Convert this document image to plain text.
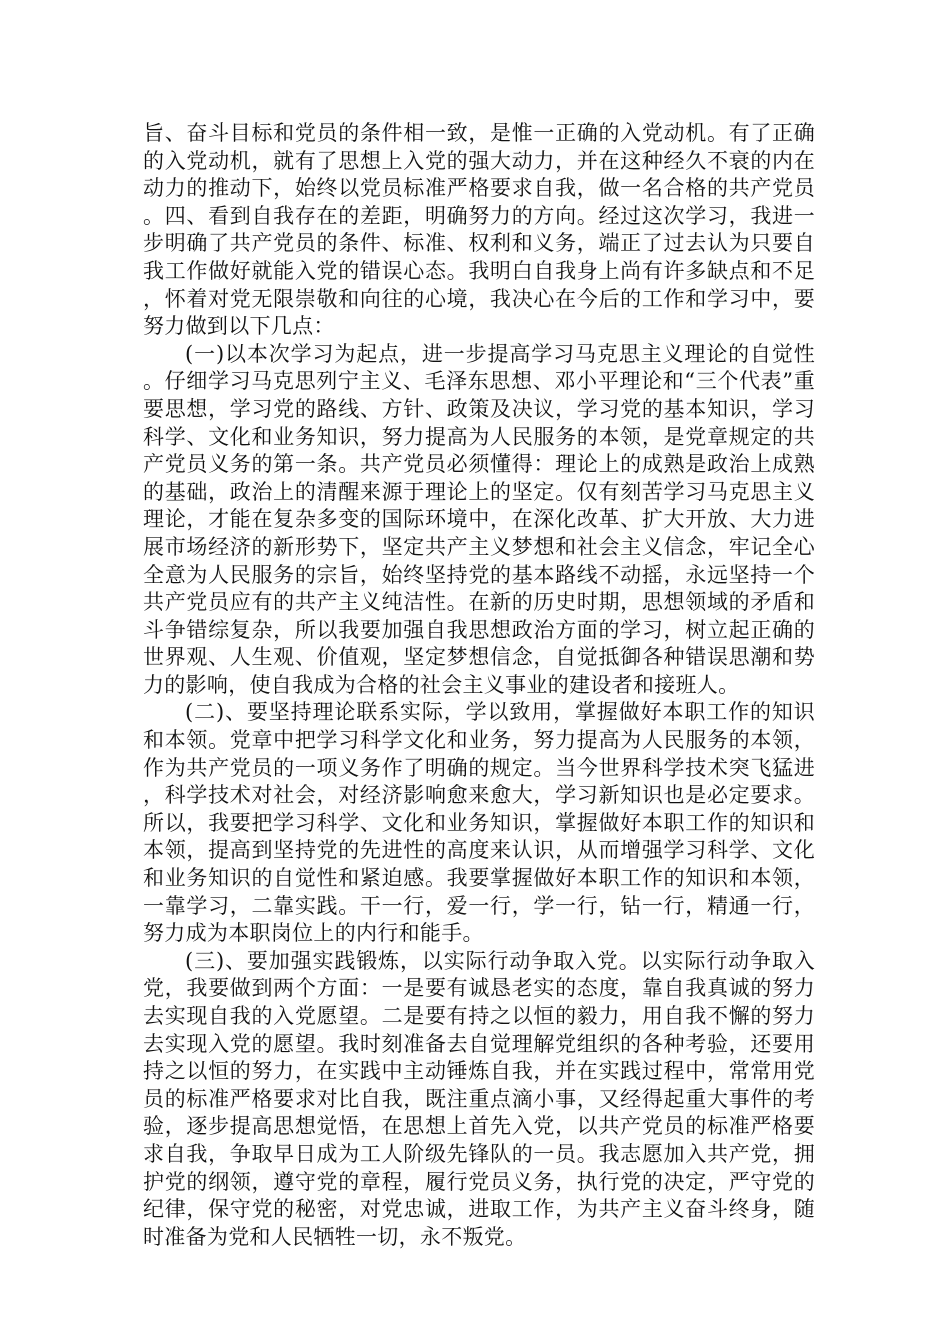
旨、奋斗目标和党员的条件相一致，是惟一正确的入党动机。有了正确的入党动机，就有了思想上入党的强大动力，并在这种经久不衰的内在动力的推动下，始终以党员标准严格要求自我，做一名合格的共产党员。四、看到自我存在的差距，明确努力的方向。经过这次学习，我进一步明确了共产党员的条件、标准、权利和义务，端正了过去认为只要自我工作做好就能入党的错误心态。我明白自我身上尚有许多缺点和不足，怀着对党无限崇敬和向往的心境，我决心在今后的工作和学习中，要努力做到以下几点：

(一)以本次学习为起点，进一步提高学习马克思主义理论的自觉性。仔细学习马克思列宁主义、毛泽东思想、邓小平理论和“三个代表”重要思想，学习党的路线、方针、政策及决议，学习党的基本知识，学习科学、文化和业务知识，努力提高为人民服务的本领，是党章规定的共产党员义务的第一条。共产党员必须懂得：理论上的成熟是政治上成熟的基础，政治上的清醒来源于理论上的坚定。仅有刻苦学习马克思主义理论，才能在复杂多变的国际环境中，在深化改革、扩大开放、大力进展市场经济的新形势下，坚定共产主义梦想和社会主义信念，牢记全心全意为人民服务的宗旨，始终坚持党的基本路线不动摇，永远坚持一个共产党员应有的共产主义纯洁性。在新的历史时期，思想领域的矛盾和斗争错综复杂，所以我要加强自我思想政治方面的学习，树立起正确的世界观、人生观、价值观，坚定梦想信念，自觉抵御各种错误思潮和势力的影响，使自我成为合格的社会主义事业的建设者和接班人。

(二)、要坚持理论联系实际，学以致用，掌握做好本职工作的知识和本领。党章中把学习科学文化和业务，努力提高为人民服务的本领，作为共产党员的一项义务作了明确的规定。当今世界科学技术突飞猛进，科学技术对社会，对经济影响愈来愈大，学习新知识也是必定要求。所以，我要把学习科学、文化和业务知识，掌握做好本职工作的知识和本领，提高到坚持党的先进性的高度来认识，从而增强学习科学、文化和业务知识的自觉性和紧迫感。我要掌握做好本职工作的知识和本领，一靠学习，二靠实践。干一行，爱一行，学一行，钻一行，精通一行，努力成为本职岗位上的内行和能手。

(三)、要加强实践锻炼，以实际行动争取入党。以实际行动争取入党，我要做到两个方面：一是要有诚恳老实的态度，靠自我真诚的努力去实现自我的入党愿望。二是要有持之以恒的毅力，用自我不懈的努力去实现入党的愿望。我时刻准备去自觉理解党组织的各种考验，还要用持之以恒的努力，在实践中主动锤炼自我，并在实践过程中，常常用党员的标准严格要求对比自我，既注重点滴小事，又经得起重大事件的考验，逐步提高思想觉悟，在思想上首先入党，以共产党员的标准严格要求自我，争取早日成为工人阶级先锋队的一员。我志愿加入共产党，拥护党的纲领，遵守党的章程，履行党员义务，执行党的决定，严守党的纪律，保守党的秘密，对党忠诚，进取工作，为共产主义奋斗终身，随时准备为党和人民牺牲一切，永不叛党。
